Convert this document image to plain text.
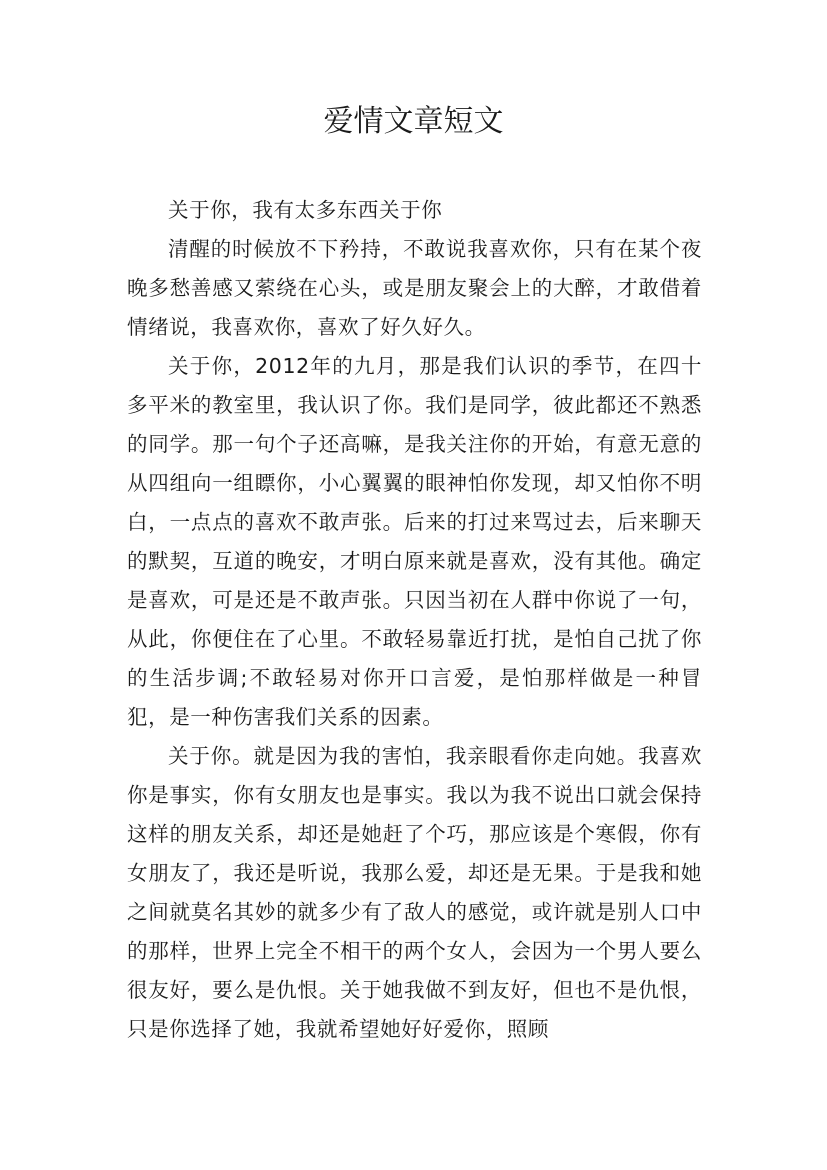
爱情文章短文

关于你，我有太多东西关于你

清醒的时候放不下矜持，不敢说我喜欢你，只有在某个夜晚多愁善感又萦绕在心头，或是朋友聚会上的大醉，才敢借着情绪说，我喜欢你，喜欢了好久好久。

关于你，2012年的九月，那是我们认识的季节，在四十多平米的教室里，我认识了你。我们是同学，彼此都还不熟悉的同学。那一句个子还高嘛，是我关注你的开始，有意无意的从四组向一组瞟你，小心翼翼的眼神怕你发现，却又怕你不明白，一点点的喜欢不敢声张。后来的打过来骂过去，后来聊天的默契，互道的晚安，才明白原来就是喜欢，没有其他。确定是喜欢，可是还是不敢声张。只因当初在人群中你说了一句，从此，你便住在了心里。不敢轻易靠近打扰，是怕自己扰了你的生活步调;不敢轻易对你开口言爱，是怕那样做是一种冒犯，是一种伤害我们关系的因素。

关于你。就是因为我的害怕，我亲眼看你走向她。我喜欢你是事实，你有女朋友也是事实。我以为我不说出口就会保持这样的朋友关系，却还是她赶了个巧，那应该是个寒假，你有女朋友了，我还是听说，我那么爱，却还是无果。于是我和她之间就莫名其妙的就多少有了敌人的感觉，或许就是别人口中的那样，世界上完全不相干的两个女人，会因为一个男人要么很友好，要么是仇恨。关于她我做不到友好，但也不是仇恨，只是你选择了她，我就希望她好好爱你，照顾
